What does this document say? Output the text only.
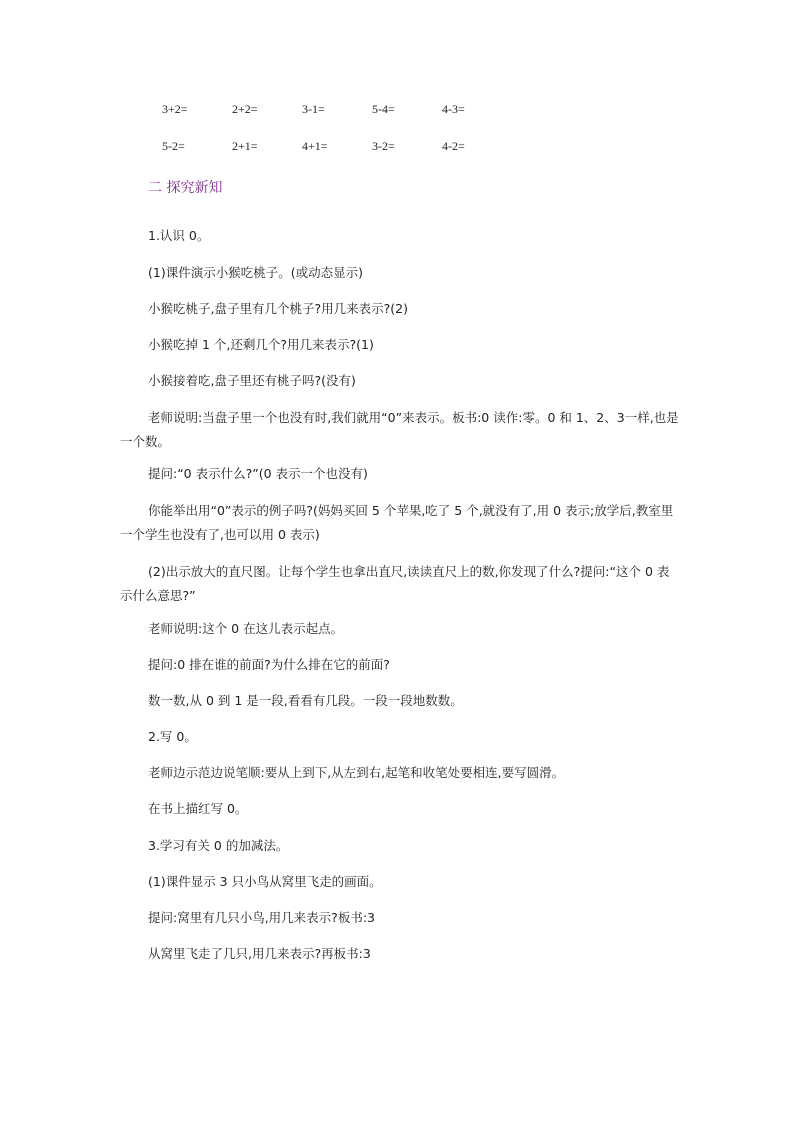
3+2=	2+2=	3-1=	5-4=	4-3=
5-2=	2+1=	4+1=	3-2=	4-2=
二 探究新知
1.认识 0。
(1)课件演示小猴吃桃子。(或动态显示)
小猴吃桃子,盘子里有几个桃子?用几来表示?(2)
小猴吃掉 1 个,还剩几个?用几来表示?(1)
小猴接着吃,盘子里还有桃子吗?(没有)
老师说明:当盘子里一个也没有时,我们就用“0”来表示。板书:0 读作:零。0 和 1、2、3一样,也是一个数。
提问:“0 表示什么?”(0 表示一个也没有)
你能举出用“0”表示的例子吗?(妈妈买回 5 个苹果,吃了 5 个,就没有了,用 0 表示;放学后,教室里一个学生也没有了,也可以用 0 表示)
(2)出示放大的直尺图。让每个学生也拿出直尺,读读直尺上的数,你发现了什么?提问:“这个 0 表示什么意思?”
老师说明:这个 0 在这儿表示起点。
提问:0 排在谁的前面?为什么排在它的前面?
数一数,从 0 到 1 是一段,看看有几段。一段一段地数数。
2.写 0。
老师边示范边说笔顺:要从上到下,从左到右,起笔和收笔处要相连,要写圆滑。
在书上描红写 0。
3.学习有关 0 的加减法。
(1)课件显示 3 只小鸟从窝里飞走的画面。
提问:窝里有几只小鸟,用几来表示?板书:3
从窝里飞走了几只,用几来表示?再板书:3
